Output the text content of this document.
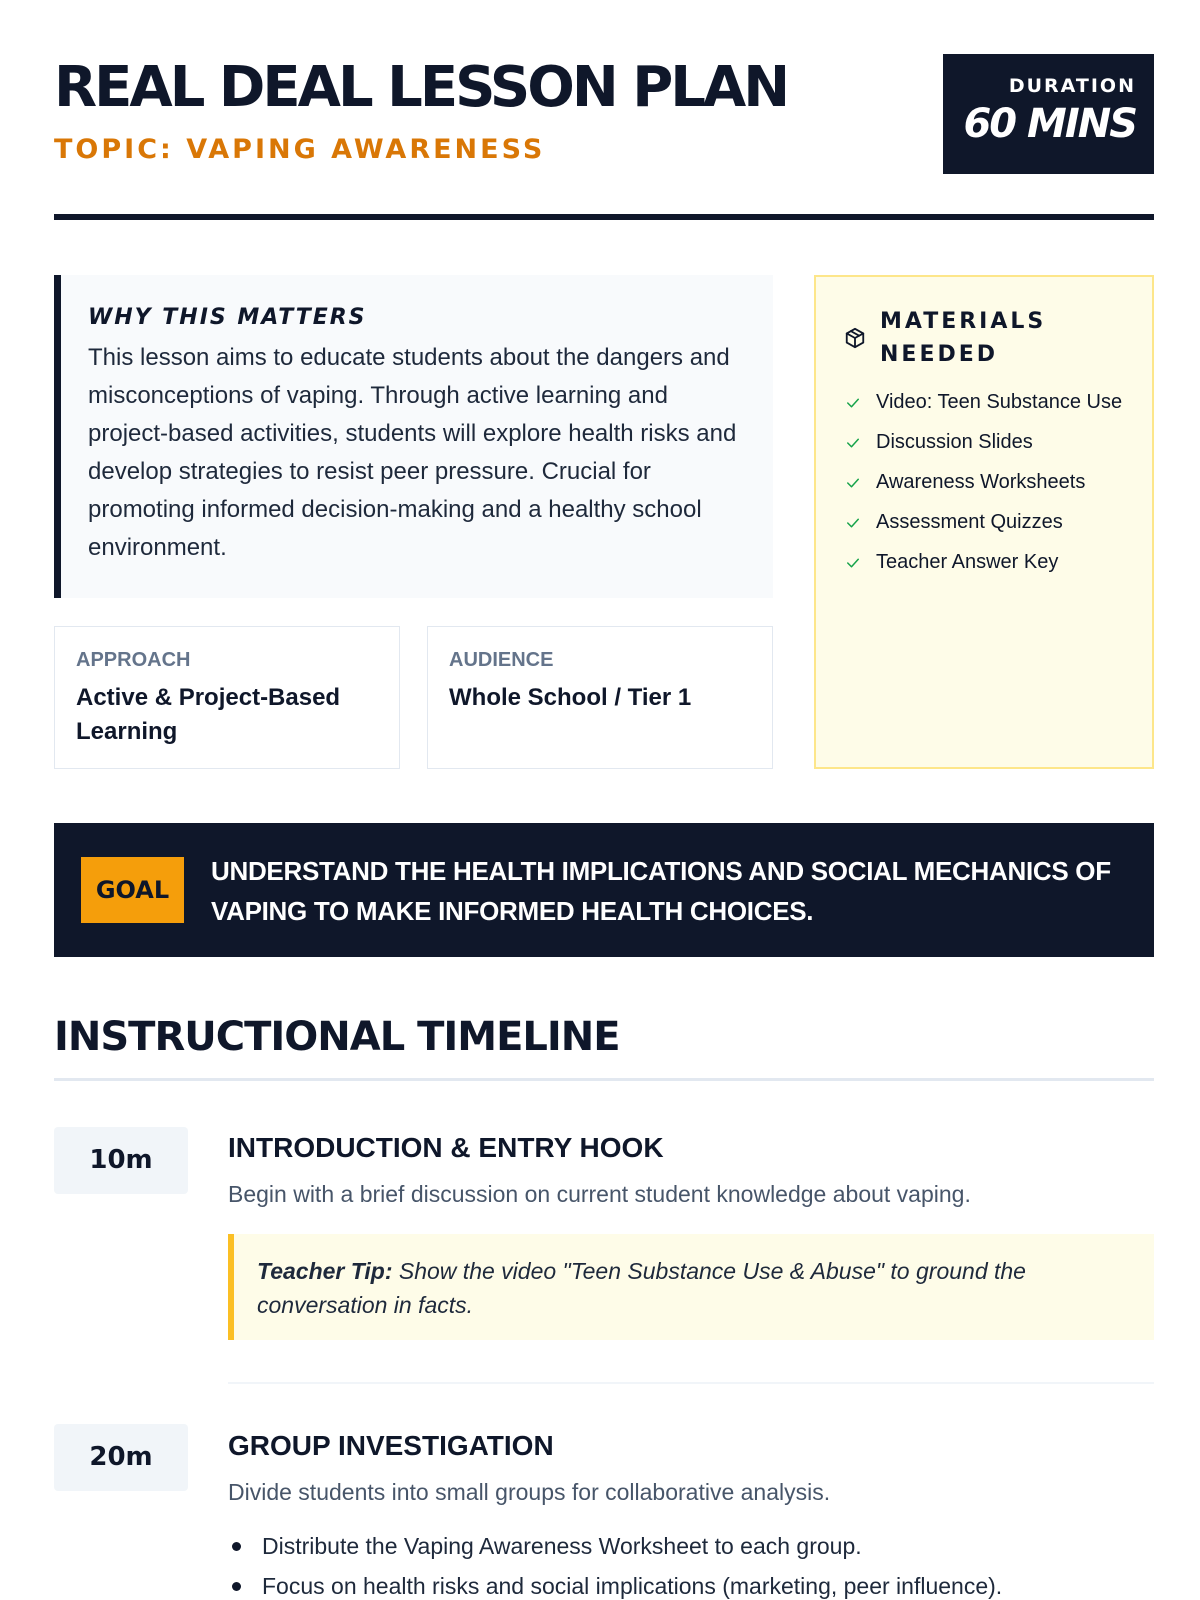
REAL DEAL LESSON PLAN
TOPIC: VAPING AWARENESS
DURATION
60 MINS
WHY THIS MATTERS
This lesson aims to educate students about the dangers and misconceptions of vaping. Through active learning and project-based activities, students will explore health risks and develop strategies to resist peer pressure. Crucial for promoting informed decision-making and a healthy school environment.
APPROACH
Active & Project-Based Learning
AUDIENCE
Whole School / Tier 1
MATERIALS NEEDED
Video: Teen Substance Use
Discussion Slides
Awareness Worksheets
Assessment Quizzes
Teacher Answer Key
GOAL
UNDERSTAND THE HEALTH IMPLICATIONS AND SOCIAL MECHANICS OF VAPING TO MAKE INFORMED HEALTH CHOICES.
INSTRUCTIONAL TIMELINE
10m	INTRODUCTION & ENTRY HOOK
Begin with a brief discussion on current student knowledge about vaping.
Teacher Tip: Show the video "Teen Substance Use & Abuse" to ground the conversation in facts.
20m	GROUP INVESTIGATION
Divide students into small groups for collaborative analysis.
Distribute the Vaping Awareness Worksheet to each group.
Focus on health risks and social implications (marketing, peer influence).
